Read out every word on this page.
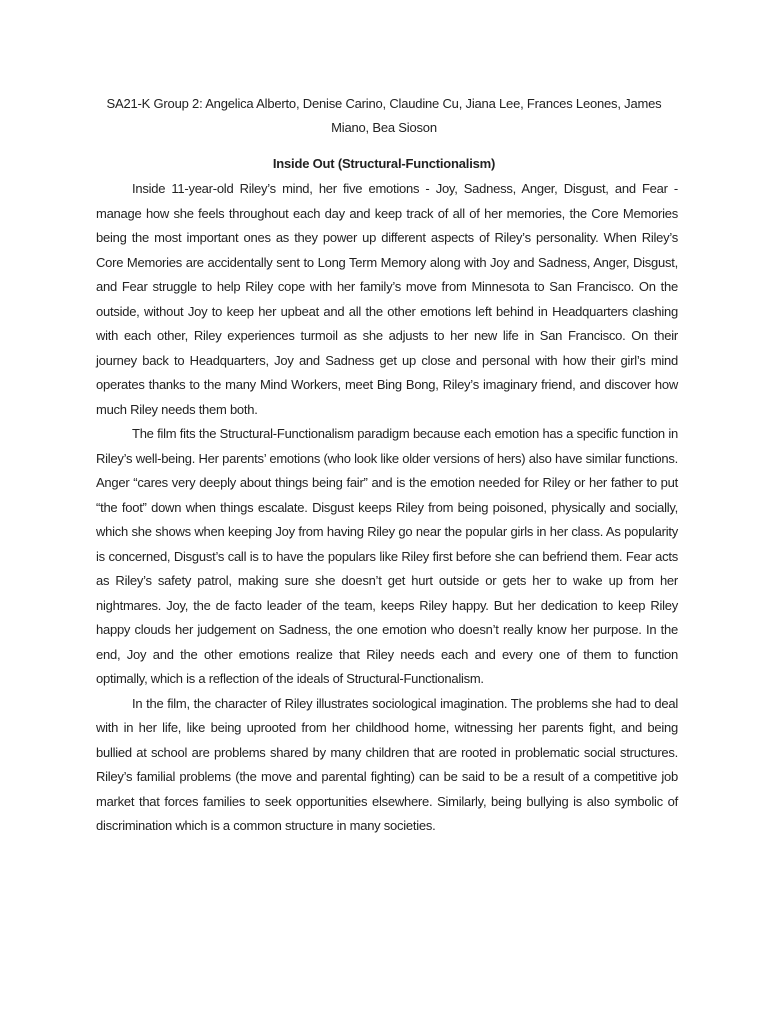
SA21-K Group 2: Angelica Alberto, Denise Carino, Claudine Cu, Jiana Lee, Frances Leones, James Miano, Bea Sioson
Inside Out (Structural-Functionalism)

Inside 11-year-old Riley’s mind, her five emotions - Joy, Sadness, Anger, Disgust, and Fear - manage how she feels throughout each day and keep track of all of her memories, the Core Memories being the most important ones as they power up different aspects of Riley’s personality. When Riley’s Core Memories are accidentally sent to Long Term Memory along with Joy and Sadness, Anger, Disgust, and Fear struggle to help Riley cope with her family’s move from Minnesota to San Francisco. On the outside, without Joy to keep her upbeat and all the other emotions left behind in Headquarters clashing with each other, Riley experiences turmoil as she adjusts to her new life in San Francisco. On their journey back to Headquarters, Joy and Sadness get up close and personal with how their girl’s mind operates thanks to the many Mind Workers, meet Bing Bong, Riley’s imaginary friend, and discover how much Riley needs them both.

The film fits the Structural-Functionalism paradigm because each emotion has a specific function in Riley’s well-being. Her parents’ emotions (who look like older versions of hers) also have similar functions. Anger “cares very deeply about things being fair” and is the emotion needed for Riley or her father to put “the foot” down when things escalate. Disgust keeps Riley from being poisoned, physically and socially, which she shows when keeping Joy from having Riley go near the popular girls in her class. As popularity is concerned, Disgust’s call is to have the populars like Riley first before she can befriend them. Fear acts as Riley’s safety patrol, making sure she doesn’t get hurt outside or gets her to wake up from her nightmares. Joy, the de facto leader of the team, keeps Riley happy. But her dedication to keep Riley happy clouds her judgement on Sadness, the one emotion who doesn’t really know her purpose. In the end, Joy and the other emotions realize that Riley needs each and every one of them to function optimally, which is a reflection of the ideals of Structural-Functionalism.

In the film, the character of Riley illustrates sociological imagination. The problems she had to deal with in her life, like being uprooted from her childhood home, witnessing her parents fight, and being bullied at school are problems shared by many children that are rooted in problematic social structures. Riley’s familial problems (the move and parental fighting) can be said to be a result of a competitive job market that forces families to seek opportunities elsewhere. Similarly, being bullying is also symbolic of discrimination which is a common structure in many societies.
